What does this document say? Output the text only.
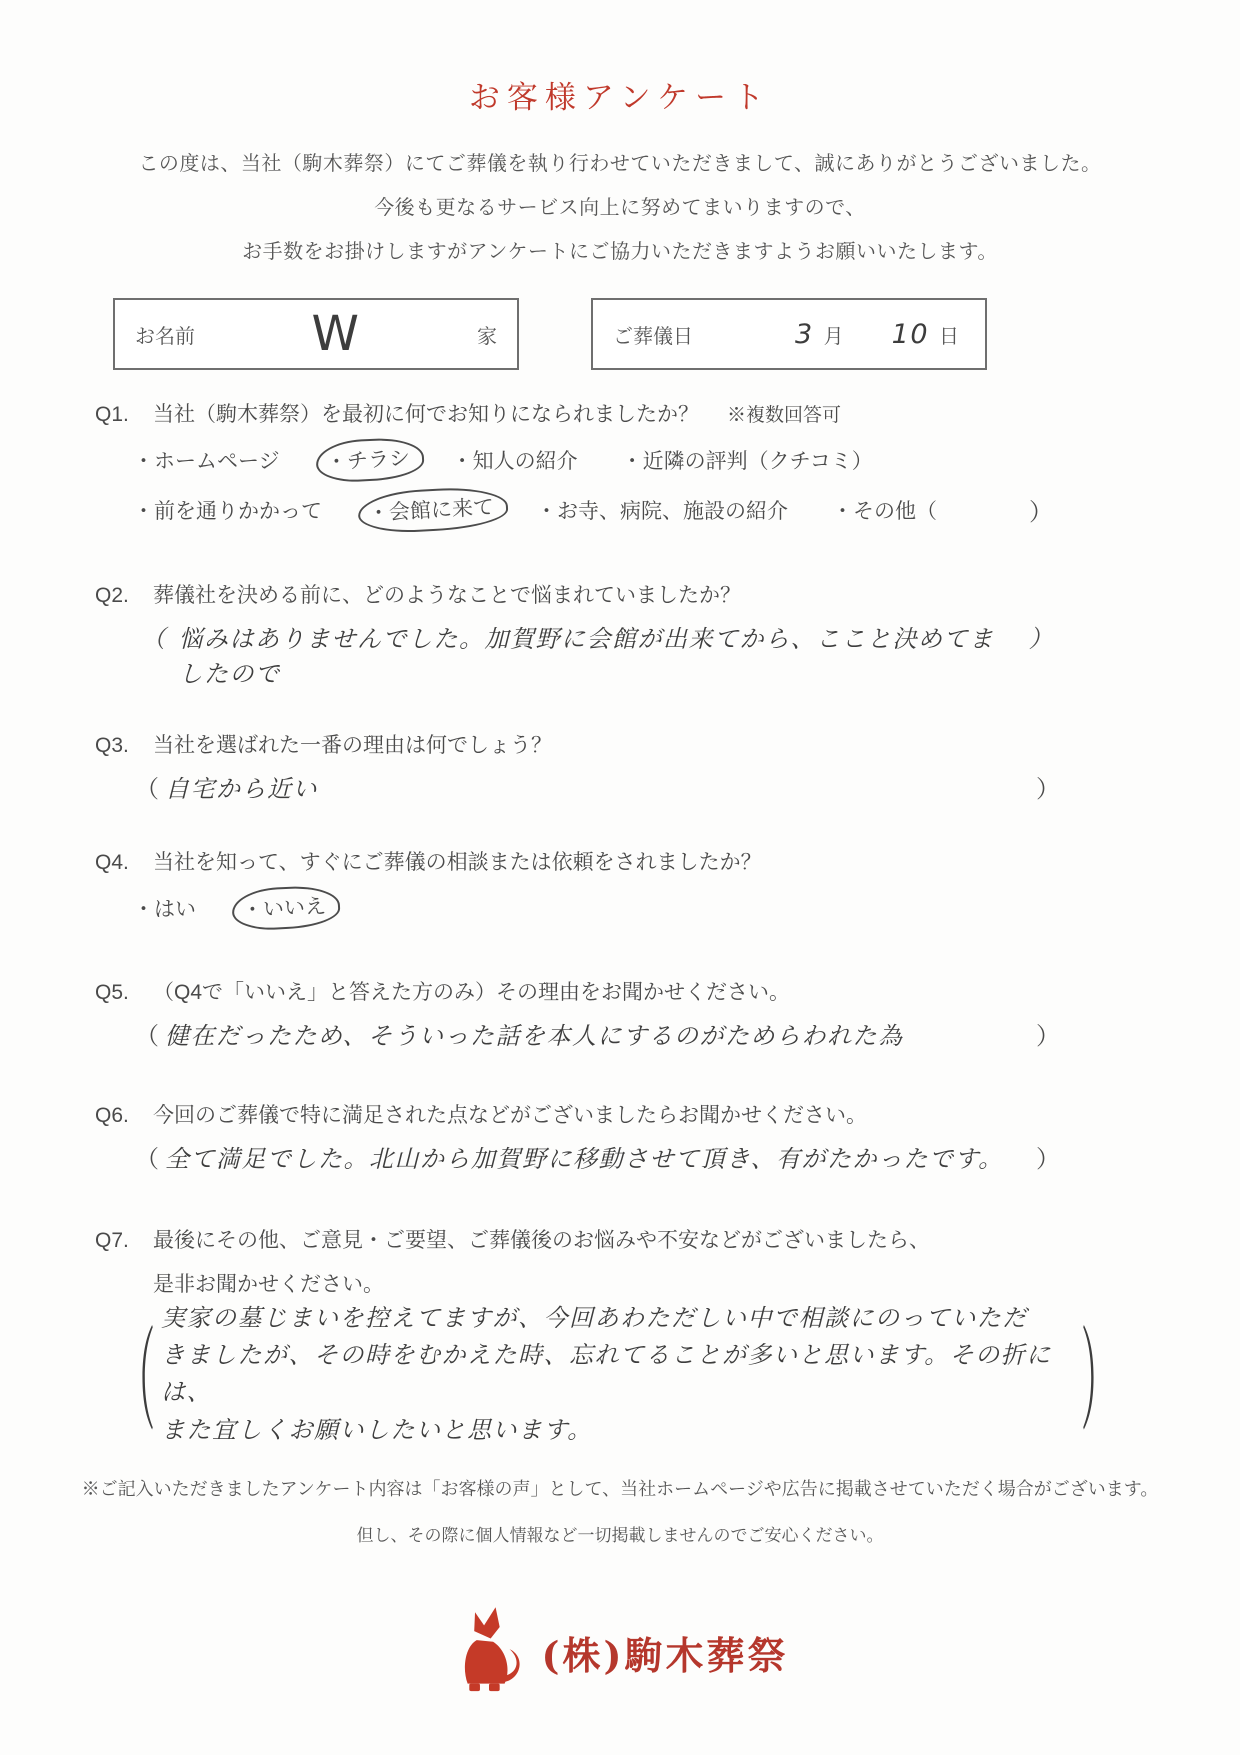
お客様アンケート

この度は、当社（駒木葬祭）にてご葬儀を執り行わせていただきまして、誠にありがとうございました。

今後も更なるサービス向上に努めてまいりますので、

お手数をお掛けしますがアンケートにご協力いただきますようお願いいたします。

お名前 W	家	ご葬儀日	3 月 10 日
Q1.	当社（駒木葬祭）を最初に何でお知りになられましたか？ ※複数回答可
・ホームページ	・チラシ	・知人の紹介 ・近隣の評判（クチコミ）
・前を通りかかって	・会館に来て	・お寺、病院、施設の紹介 ・その他（	）
Q2.	葬儀社を決める前に、どのようなことで悩まれていましたか？
（ 悩みはありませんでした。加賀野に会館が出来てから、ここと決めてましたので
）
Q3.	当社を選ばれた一番の理由は何でしょう？
（ 自宅から近い	）
Q4.	当社を知って、すぐにご葬儀の相談または依頼をされましたか？
・はい	・いいえ
Q5.	（Q4で「いいえ」と答えた方のみ）その理由をお聞かせください。
（ 健在だったため、そういった話を本人にするのがためらわれた為	）
Q6.	今回のご葬儀で特に満足された点などがございましたらお聞かせください。
（ 全て満足でした。北山から加賀野に移動させて頂き、有がたかったです。 ）
Q7.	最後にその他、ご意見・ご要望、ご葬儀後のお悩みや不安などがございましたら、
是非お聞かせください。
（ 実家の墓じまいを控えてますが、今回あわただしい中で相談にのっていただ
きましたが、その時をむかえた時、忘れてることが多いと思います。その折には、
また宜しくお願いしたいと思います。	）
※ご記入いただきましたアンケート内容は「お客様の声」として、当社ホームページや広告に掲載させていただく場合がございます。
但し、その際に個人情報など一切掲載しませんのでご安心ください。
(株)駒木葬祭
